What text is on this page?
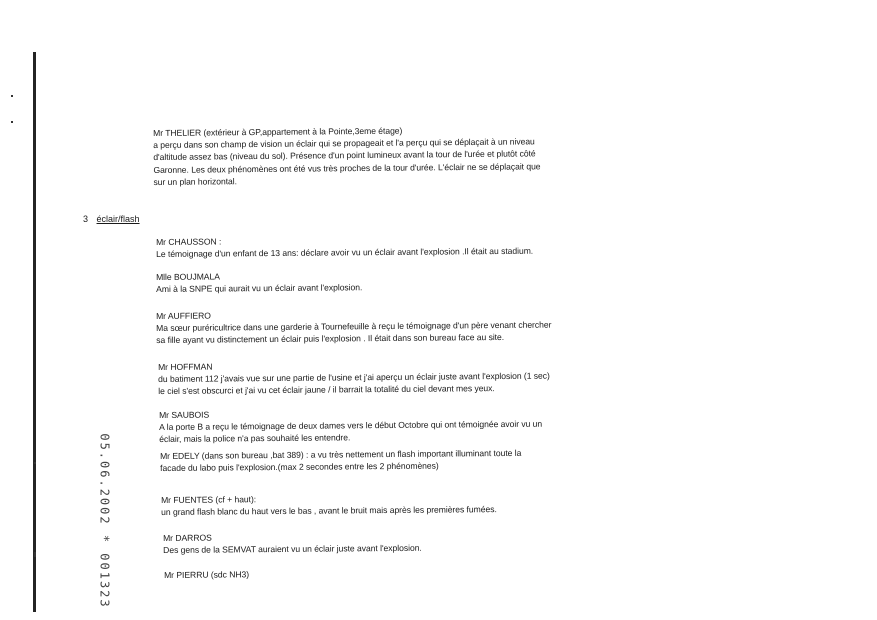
Mr THELIER (extérieur à GP,appartement à la Pointe,3eme étage)
a perçu dans son champ de vision un éclair qui se propageait et l'a perçu qui se déplaçait à un niveau
d'altitude assez bas (niveau du sol). Présence d'un point lumineux avant la tour de l'urée et plutôt côté
Garonne. Les deux phénomènes ont été vus très proches de la tour d'urée. L'éclair ne se déplaçait que
sur un plan horizontal.
3 éclair/flash
Mr CHAUSSON :
Le témoignage d'un enfant de 13 ans: déclare avoir vu un éclair avant l'explosion .Il était au stadium.
Mlle BOUJMALA
Ami à la SNPE qui aurait vu un éclair avant l'explosion.
Mr AUFFIERO
Ma sœur puréricultrice dans une garderie à Tournefeuille à reçu le témoignage d'un père venant chercher
sa fille ayant vu distinctement un éclair puis l'explosion . Il était dans son bureau face au site.
Mr HOFFMAN
du batiment 112 j'avais vue sur une partie de l'usine et j'ai aperçu un éclair juste avant l'explosion (1 sec)
le ciel s'est obscurci et j'ai vu cet éclair jaune / il barrait la totalité du ciel devant mes yeux.
Mr SAUBOIS
A la porte B a reçu le témoignage de deux dames vers le début Octobre qui ont témoignée avoir vu un
éclair, mais la police n'a pas souhaité les entendre.
Mr EDELY (dans son bureau ,bat 389) : a vu très nettement un flash important illuminant toute la
facade du labo puis l'explosion.(max 2 secondes entre les 2 phénomènes)
Mr FUENTES (cf + haut):
un grand flash blanc du haut vers le bas , avant le bruit mais après les premières fumées.
Mr DARROS
Des gens de la SEMVAT auraient vu un éclair juste avant l'explosion.
Mr PIERRU (sdc NH3)
05.06.2002 * 001323
